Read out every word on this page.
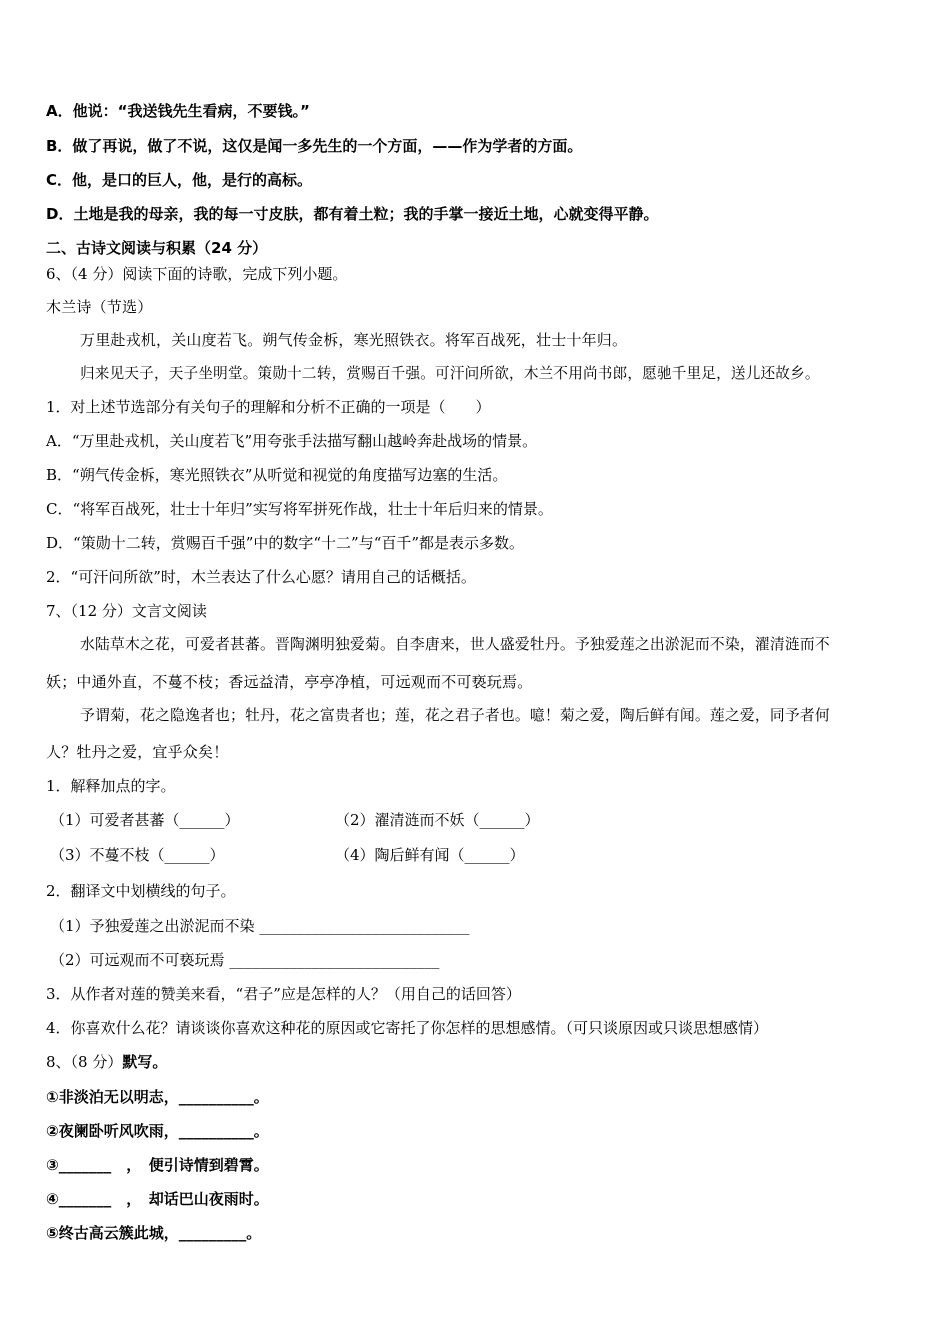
A．他说：“我送钱先生看病，不要钱。”
B．做了再说，做了不说，这仅是闻一多先生的一个方面，——作为学者的方面。
C．他，是口的巨人，他，是行的高标。
D．土地是我的母亲，我的每一寸皮肤，都有着土粒；我的手掌一接近土地，心就变得平静。
二、古诗文阅读与积累（24 分）
6、（4 分）阅读下面的诗歌，完成下列小题。
木兰诗（节选）
万里赴戎机，关山度若飞。朔气传金柝，寒光照铁衣。将军百战死，壮士十年归。
归来见天子，天子坐明堂。策勋十二转，赏赐百千强。可汗问所欲，木兰不用尚书郎，愿驰千里足，送儿还故乡。
1．对上述节选部分有关句子的理解和分析不正确的一项是（　　）
A．“万里赴戎机，关山度若飞”用夸张手法描写翻山越岭奔赴战场的情景。
B．“朔气传金柝，寒光照铁衣”从听觉和视觉的角度描写边塞的生活。
C．“将军百战死，壮士十年归”实写将军拼死作战，壮士十年后归来的情景。
D．“策勋十二转，赏赐百千强”中的数字“十二”与“百千”都是表示多数。
2．“可汗问所欲”时，木兰表达了什么心愿？请用自己的话概括。
7、（12 分）文言文阅读
水陆草木之花，可爱者甚蕃。晋陶渊明独爱菊。自李唐来，世人盛爱牡丹。予独爱莲之出淤泥而不染，濯清涟而不
妖；中通外直，不蔓不枝；香远益清，亭亭净植，可远观而不可亵玩焉。
予谓菊，花之隐逸者也；牡丹，花之富贵者也；莲，花之君子者也。噫！菊之爱，陶后鲜有闻。莲之爱，同予者何
人？牡丹之爱，宜乎众矣！
1．解释加点的字。
（1）可爱者甚蕃（______）	（2）濯清涟而不妖（______）
（3）不蔓不枝（______）	（4）陶后鲜有闻（______）
2．翻译文中划横线的句子。
（1）予独爱莲之出淤泥而不染 ____________________________
（2）可远观而不可亵玩焉 ____________________________
3．从作者对莲的赞美来看，“君子”应是怎样的人？（用自己的话回答）
4．你喜欢什么花？请谈谈你喜欢这种花的原因或它寄托了你怎样的思想感情。（可只谈原因或只谈思想感情）
8、（8 分）默写。
①非淡泊无以明志，__________。
②夜阑卧听风吹雨，__________。
③_______　，　便引诗情到碧霄。
④_______　，　却话巴山夜雨时。
⑤终古高云簇此城，_________。
